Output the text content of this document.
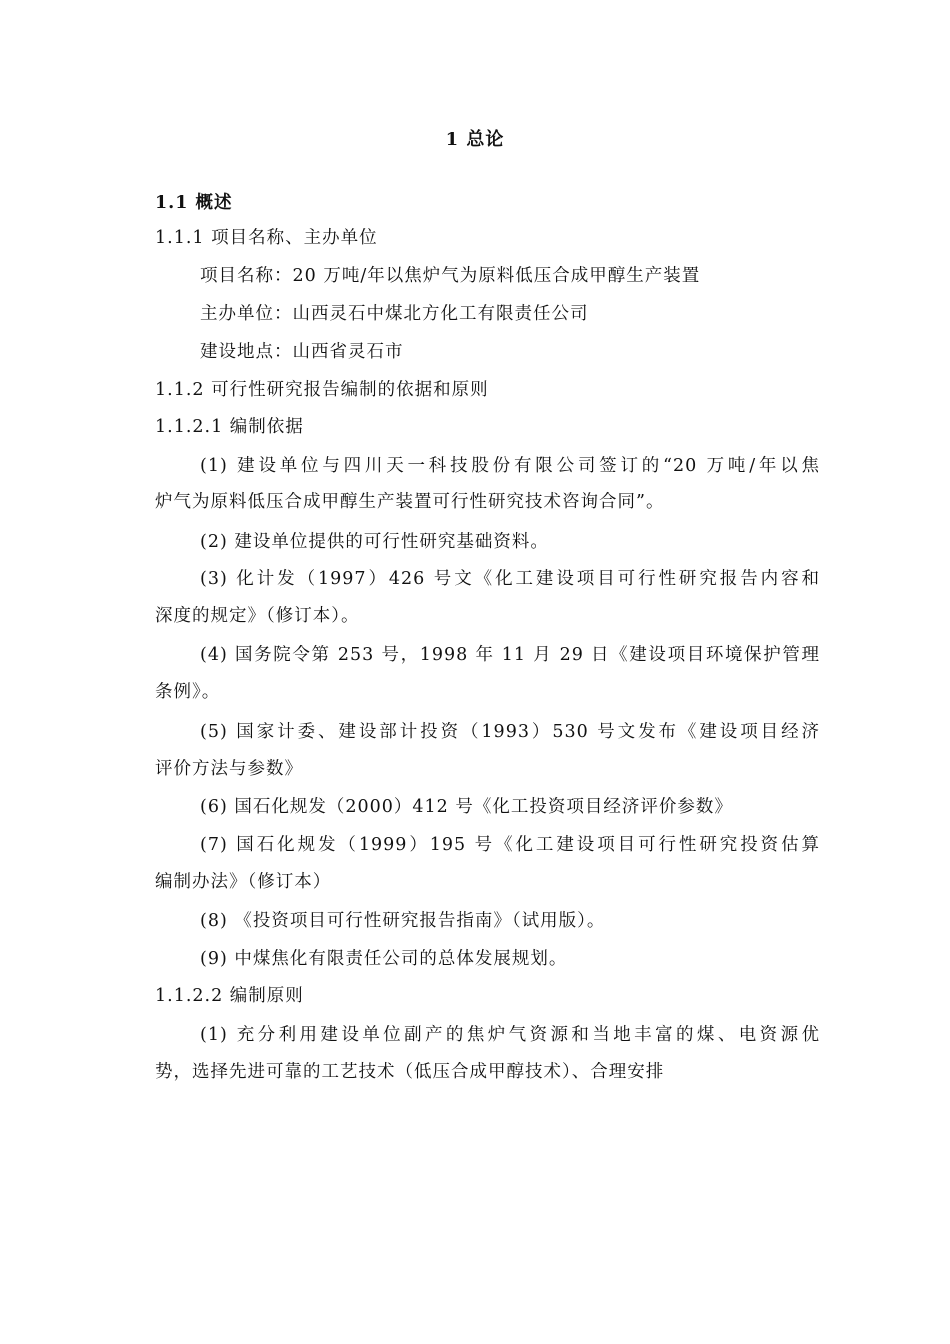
1 总论
1.1 概述
1.1.1 项目名称、主办单位
项目名称：20 万吨/年以焦炉气为原料低压合成甲醇生产装置
主办单位：山西灵石中煤北方化工有限责任公司
建设地点：山西省灵石市
1.1.2 可行性研究报告编制的依据和原则
1.1.2.1 编制依据
(1) 建设单位与四川天一科技股份有限公司签订的“20 万吨/年以焦
炉气为原料低压合成甲醇生产装置可行性研究技术咨询合同”。
(2) 建设单位提供的可行性研究基础资料。
(3) 化计发（1997）426 号文《化工建设项目可行性研究报告内容和
深度的规定》（修订本）。
(4) 国务院令第 253 号，1998 年 11 月 29 日《建设项目环境保护管理
条例》。
(5) 国家计委、建设部计投资（1993）530 号文发布《建设项目经济
评价方法与参数》
(6) 国石化规发（2000）412 号《化工投资项目经济评价参数》
(7) 国石化规发（1999）195 号《化工建设项目可行性研究投资估算
编制办法》（修订本）
(8) 《投资项目可行性研究报告指南》（试用版）。
(9) 中煤焦化有限责任公司的总体发展规划。
1.1.2.2 编制原则
(1) 充分利用建设单位副产的焦炉气资源和当地丰富的煤、电资源优
势，选择先进可靠的工艺技术（低压合成甲醇技术）、合理安排
